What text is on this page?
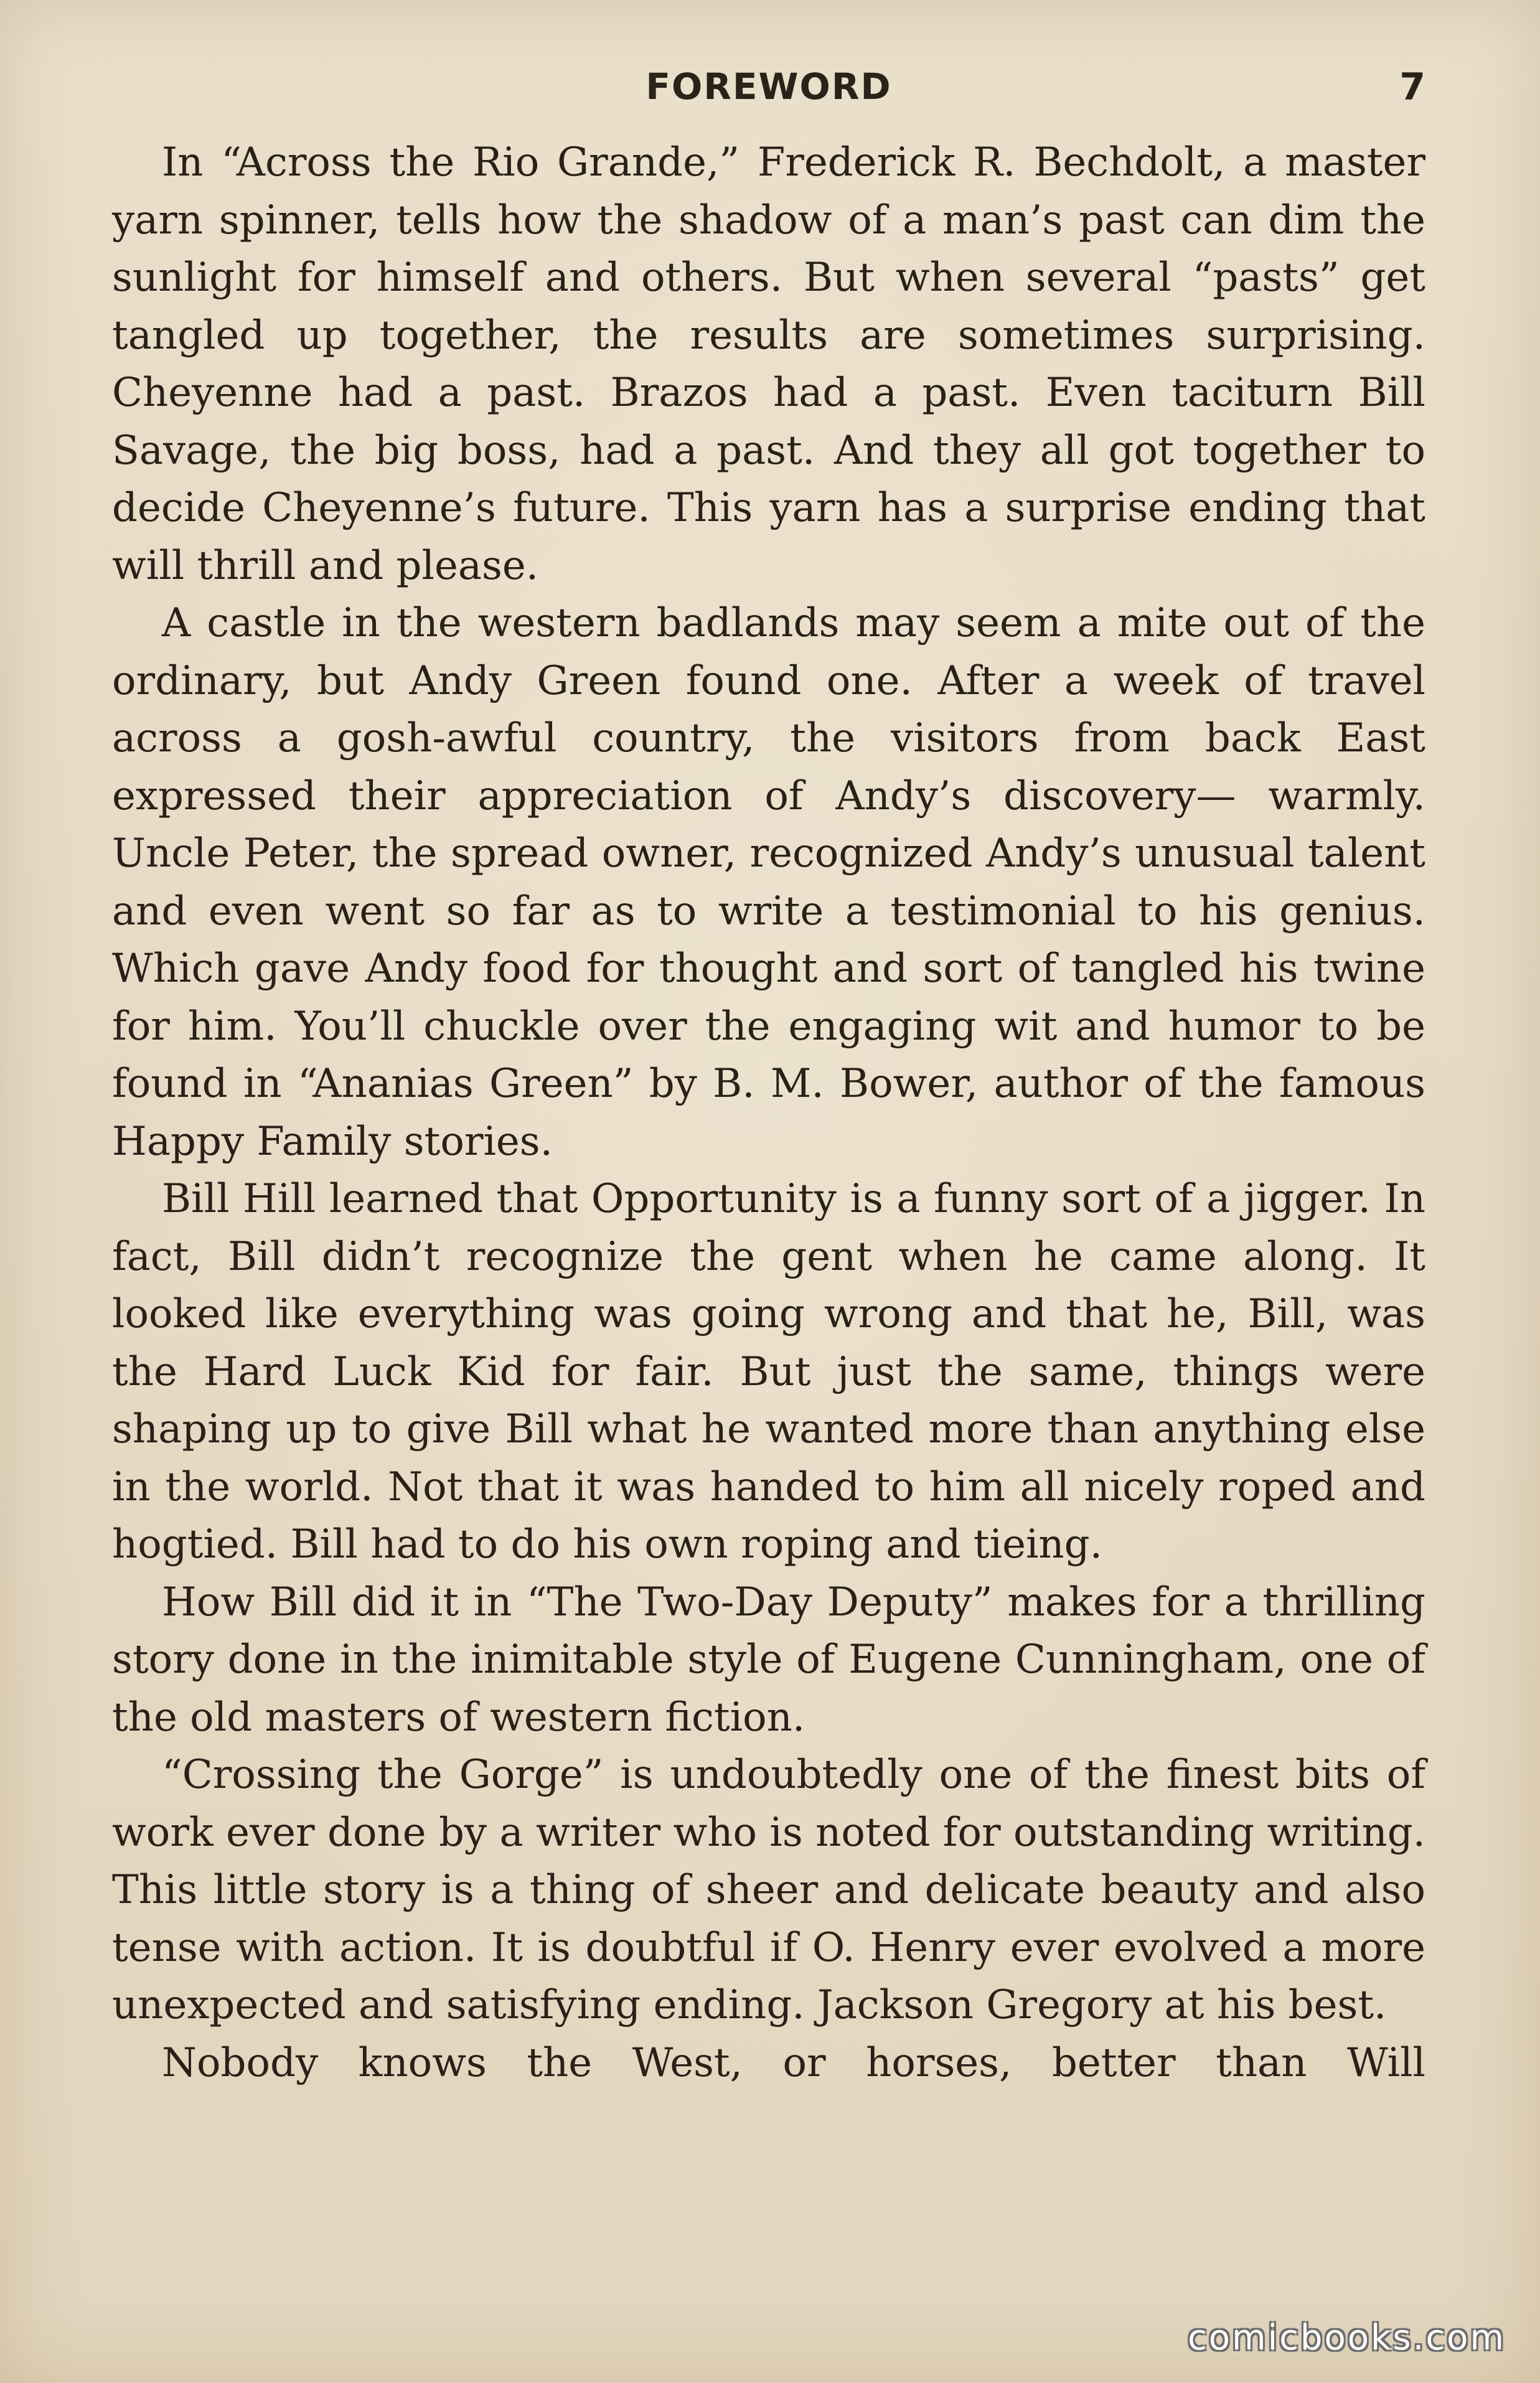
FOREWORD	7

In “Across the Rio Grande,” Frederick R. Bechdolt, a master yarn spinner, tells how the shadow of a man’s past can dim the sunlight for himself and others. But when several “pasts” get tangled up together, the results are sometimes surprising. Cheyenne had a past. Brazos had a past. Even taciturn Bill Savage, the big boss, had a past. And they all got together to decide Cheyenne’s future. This yarn has a surprise ending that will thrill and please.

A castle in the western badlands may seem a mite out of the ordinary, but Andy Green found one. After a week of travel across a gosh-awful country, the visitors from back East expressed their appreciation of Andy’s discovery— warmly. Uncle Peter, the spread owner, recognized Andy’s unusual talent and even went so far as to write a testimonial to his genius. Which gave Andy food for thought and sort of tangled his twine for him. You’ll chuckle over the engaging wit and humor to be found in “Ananias Green” by B. M. Bower, author of the famous Happy Family stories.

Bill Hill learned that Opportunity is a funny sort of a jigger. In fact, Bill didn’t recognize the gent when he came along. It looked like everything was going wrong and that he, Bill, was the Hard Luck Kid for fair. But just the same, things were shaping up to give Bill what he wanted more than anything else in the world. Not that it was handed to him all nicely roped and hogtied. Bill had to do his own roping and tieing.

How Bill did it in “The Two-Day Deputy” makes for a thrilling story done in the inimitable style of Eugene Cunningham, one of the old masters of western fiction.

“Crossing the Gorge” is undoubtedly one of the finest bits of work ever done by a writer who is noted for outstanding writing. This little story is a thing of sheer and delicate beauty and also tense with action. It is doubtful if O. Henry ever evolved a more unexpected and satisfying ending. Jackson Gregory at his best.

Nobody knows the West, or horses, better than Will

comicbooks.com
